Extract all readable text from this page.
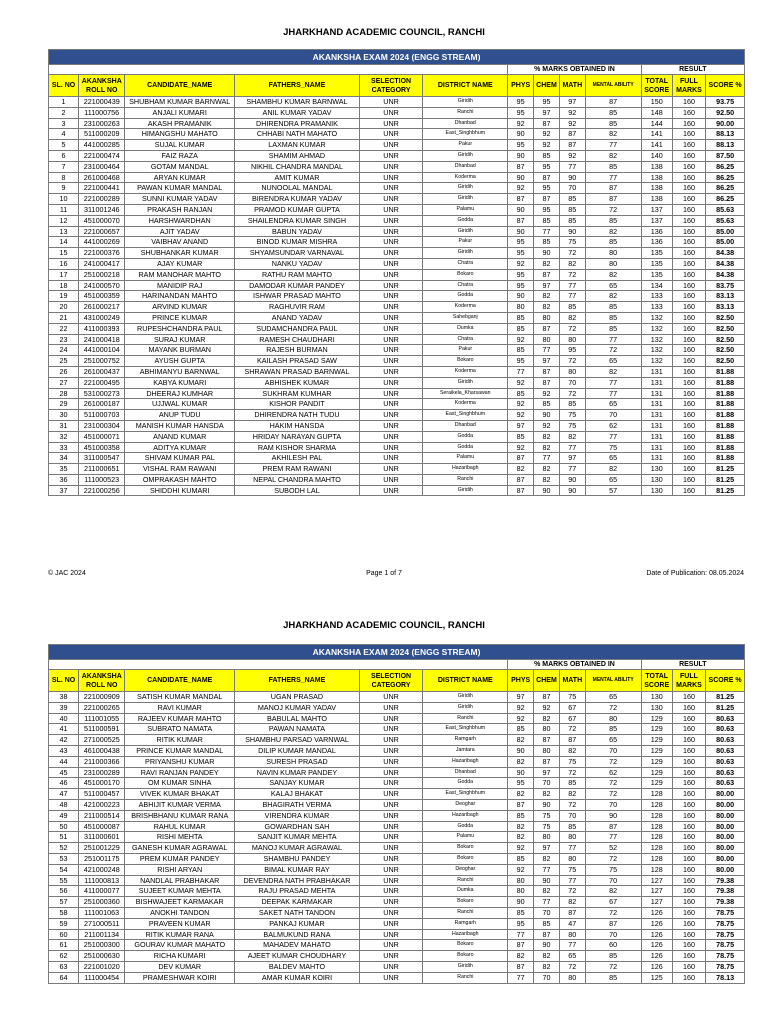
JHARKHAND ACADEMIC COUNCIL, RANCHI
AKANKSHA EXAM 2024 (ENGG STREAM)												
						% MARKS OBTAINED IN				RESULT		
SL. NO	AKANKSHA ROLL NO	CANDIDATE_NAME	FATHERS_NAME	SELECTION CATEGORY	DISTRICT NAME	PHYS	CHEM	MATH	MENTAL ABILITY	TOTAL SCORE	FULL MARKS	SCORE %
1	221000439	SHUBHAM KUMAR BARNWAL	SHAMBHU KUMAR BARNWAL	UNR	Giridih	95	95	97	87	150	160	93.75
2	111000756	ANJALI KUMARI	ANIL KUMAR YADAV	UNR	Ranchi	95	97	92	85	148	160	92.50
3	231000263	AKASH PRAMANIK	DHIRENDRA PRAMANIK	UNR	Dhanbad	92	87	92	85	144	160	90.00
4	511000209	HIMANGSHU MAHATO	CHHABI NATH MAHATO	UNR	East_Singhbhum	90	92	87	82	141	160	88.13
5	441000285	SUJAL KUMAR	LAXMAN KUMAR	UNR	Pakur	95	92	87	77	141	160	88.13
6	221000474	FAIZ RAZA	SHAMIM AHMAD	UNR	Giridih	90	85	92	82	140	160	87.50
7	231000464	GOTAM MANDAL	NIKHIL CHANDRA MANDAL	UNR	Dhanbad	87	95	77	85	138	160	86.25
8	261000468	ARYAN KUMAR	AMIT KUMAR	UNR	Koderma	90	87	90	77	138	160	86.25
9	221000441	PAWAN KUMAR MANDAL	NUNOOLAL MANDAL	UNR	Giridih	92	95	70	87	138	160	86.25
10	221000289	SUNNI KUMAR YADAV	BIRENDRA KUMAR YADAV	UNR	Giridih	87	87	85	87	138	160	86.25
11	311001246	PRAKASH RANJAN	PRAMOD KUMAR GUPTA	UNR	Palamu	90	95	85	72	137	160	85.63
12	451000070	HARSHWARDHAN	SHAILENDRA KUMAR SINGH	UNR	Godda	87	85	85	85	137	160	85.63
13	221000657	AJIT YADAV	BABUN YADAV	UNR	Giridih	90	77	90	82	136	160	85.00
14	441000269	VAIBHAV ANAND	BINOD KUMAR MISHRA	UNR	Pakur	95	85	75	85	136	160	85.00
15	221000376	SHUBHANKAR KUMAR	SHYAMSUNDAR VARNAVAL	UNR	Giridih	95	90	72	80	135	160	84.38
16	241000417	AJAY KUMAR	NANKU YADAV	UNR	Chatra	92	82	82	80	135	160	84.38
17	251000218	RAM MANOHAR MAHTO	RATHU RAM MAHTO	UNR	Bokaro	95	87	72	82	135	160	84.38
18	241000570	MANIDIP RAJ	DAMODAR KUMAR PANDEY	UNR	Chatra	95	97	77	65	134	160	83.75
19	451000359	HARINANDAN MAHTO	ISHWAR PRASAD MAHTO	UNR	Godda	90	82	77	82	133	160	83.13
20	261000217	ARVIND KUMAR	RAGHUVIR RAM	UNR	Koderma	80	82	85	85	133	160	83.13
21	431000249	PRINCE KUMAR	ANAND YADAV	UNR	Sahebganj	85	80	82	85	132	160	82.50
22	411000393	RUPESHCHANDRA PAUL	SUDAMCHANDRA PAUL	UNR	Dumka	85	87	72	85	132	160	82.50
23	241000418	SURAJ KUMAR	RAMESH CHAUDHARI	UNR	Chatra	92	80	80	77	132	160	82.50
24	441000104	MAYANK BURMAN	RAJESH BURMAN	UNR	Pakur	85	77	95	72	132	160	82.50
25	251000752	AYUSH GUPTA	KAILASH PRASAD SAW	UNR	Bokaro	95	97	72	65	132	160	82.50
26	261000437	ABHIMANYU BARNWAL	SHRAWAN PRASAD BARNWAL	UNR	Koderma	77	87	80	82	131	160	81.88
27	221000495	KABYA KUMARI	ABHISHEK KUMAR	UNR	Giridih	92	87	70	77	131	160	81.88
28	531000273	DHEERAJ KUMHAR	SUKHRAM KUMHAR	UNR	Seraikela_Kharsawan	85	92	72	77	131	160	81.88
29	261000187	UJJWAL KUMAR	KISHOR PANDIT	UNR	Koderma	92	85	85	65	131	160	81.88
30	511000703	ANUP TUDU	DHIRENDRA NATH TUDU	UNR	East_Singhbhum	92	90	75	70	131	160	81.88
31	231000304	MANISH KUMAR HANSDA	HAKIM HANSDA	UNR	Dhanbad	97	92	75	62	131	160	81.88
32	451000071	ANAND KUMAR	HRIDAY NARAYAN GUPTA	UNR	Godda	85	82	82	77	131	160	81.88
33	451000358	ADITYA KUMAR	RAM KISHOR SHARMA	UNR	Godda	92	82	77	75	131	160	81.88
34	311000547	SHIVAM KUMAR PAL	AKHILESH PAL	UNR	Palamu	87	77	97	65	131	160	81.88
35	211000651	VISHAL RAM RAWANI	PREM RAM RAWANI	UNR	Hazaribagh	82	82	77	82	130	160	81.25
36	111000523	OMPRAKASH MAHTO	NEPAL CHANDRA MAHTO	UNR	Ranchi	87	82	90	65	130	160	81.25
37	221000256	SHIDDHI KUMARI	SUBODH LAL	UNR	Giridih	87	90	90	57	130	160	81.25
© JAC 2024	Page 1 of 7	Date of Publication: 08.05.2024
JHARKHAND ACADEMIC COUNCIL, RANCHI
AKANKSHA EXAM 2024 (ENGG STREAM)												
						% MARKS OBTAINED IN				RESULT		
SL. NO	AKANKSHA ROLL NO	CANDIDATE_NAME	FATHERS_NAME	SELECTION CATEGORY	DISTRICT NAME	PHYS	CHEM	MATH	MENTAL ABILITY	TOTAL SCORE	FULL MARKS	SCORE %
38	221000909	SATISH KUMAR MANDAL	UGAN PRASAD	UNR	Giridih	97	87	75	65	130	160	81.25
39	221000265	RAVI KUMAR	MANOJ KUMAR YADAV	UNR	Giridih	92	92	67	72	130	160	81.25
40	111001055	RAJEEV KUMAR MAHTO	BABULAL MAHTO	UNR	Ranchi	92	82	67	80	129	160	80.63
41	511000591	SUBRATO NAMATA	PAWAN NAMATA	UNR	East_Singhbhum	85	80	72	85	129	160	80.63
42	271000525	RITIK KUMAR	SHAMBHU PARSAD VARNWAL	UNR	Ramgarh	82	87	87	65	129	160	80.63
43	461000438	PRINCE KUMAR MANDAL	DILIP KUMAR MANDAL	UNR	Jamtara	90	80	82	70	129	160	80.63
44	211000366	PRIYANSHU KUMAR	SURESH PRASAD	UNR	Hazaribagh	82	87	75	72	129	160	80.63
45	231000289	RAVI RANJAN PANDEY	NAVIN KUMAR PANDEY	UNR	Dhanbad	90	97	72	62	129	160	80.63
46	451000170	OM KUMAR SINHA	SANJAY KUMAR	UNR	Godda	95	70	85	72	129	160	80.63
47	511000457	VIVEK KUMAR BHAKAT	KALAJ BHAKAT	UNR	East_Singhbhum	82	82	82	72	128	160	80.00
48	421000223	ABHIJIT KUMAR VERMA	BHAGIRATH VERMA	UNR	Deoghar	87	90	72	70	128	160	80.00
49	211000514	BRISHBHANU KUMAR RANA	VIRENDRA KUMAR	UNR	Hazaribagh	85	75	70	90	128	160	80.00
50	451000087	RAHUL KUMAR	GOWARDHAN SAH	UNR	Godda	82	75	85	87	128	160	80.00
51	311000601	RISHI MEHTA	SANJIT KUMAR MEHTA	UNR	Palamu	82	80	80	77	128	160	80.00
52	251001229	GANESH KUMAR AGRAWAL	MANOJ KUMAR AGRAWAL	UNR	Bokaro	92	97	77	52	128	160	80.00
53	251001175	PREM KUMAR PANDEY	SHAMBHU PANDEY	UNR	Bokaro	85	82	80	72	128	160	80.00
54	421000248	RISHI ARYAN	BIMAL KUMAR RAY	UNR	Deoghar	92	77	75	75	128	160	80.00
55	111000813	NANDLAL PRABHAKAR	DEVENDRA NATH PRABHAKAR	UNR	Ranchi	80	90	77	70	127	160	79.38
56	411000077	SUJEET KUMAR MEHTA	RAJU PRASAD MEHTA	UNR	Dumka	80	82	72	82	127	160	79.38
57	251000360	BISHWAJEET KARMAKAR	DEEPAK KARMAKAR	UNR	Bokaro	90	77	82	67	127	160	79.38
58	111001063	ANOKHI TANDON	SAKET NATH TANDON	UNR	Ranchi	85	70	87	72	126	160	78.75
59	271000511	PRAVEEN KUMAR	PANKAJ KUMAR	UNR	Ramgarh	95	85	47	87	126	160	78.75
60	211001134	RITIK KUMAR RANA	BALMUKUND RANA	UNR	Hazaribagh	77	87	80	70	126	160	78.75
61	251000300	GOURAV KUMAR MAHATO	MAHADEV MAHATO	UNR	Bokaro	87	90	77	60	126	160	78.75
62	251000630	RICHA KUMARI	AJEET KUMAR CHOUDHARY	UNR	Bokaro	82	82	65	85	126	160	78.75
63	221001020	DEV KUMAR	BALDEV MAHTO	UNR	Giridih	87	82	72	72	126	160	78.75
64	111000454	PRAMESHWAR KOIRI	AMAR KUMAR KOIRI	UNR	Ranchi	77	70	80	85	125	160	78.13
